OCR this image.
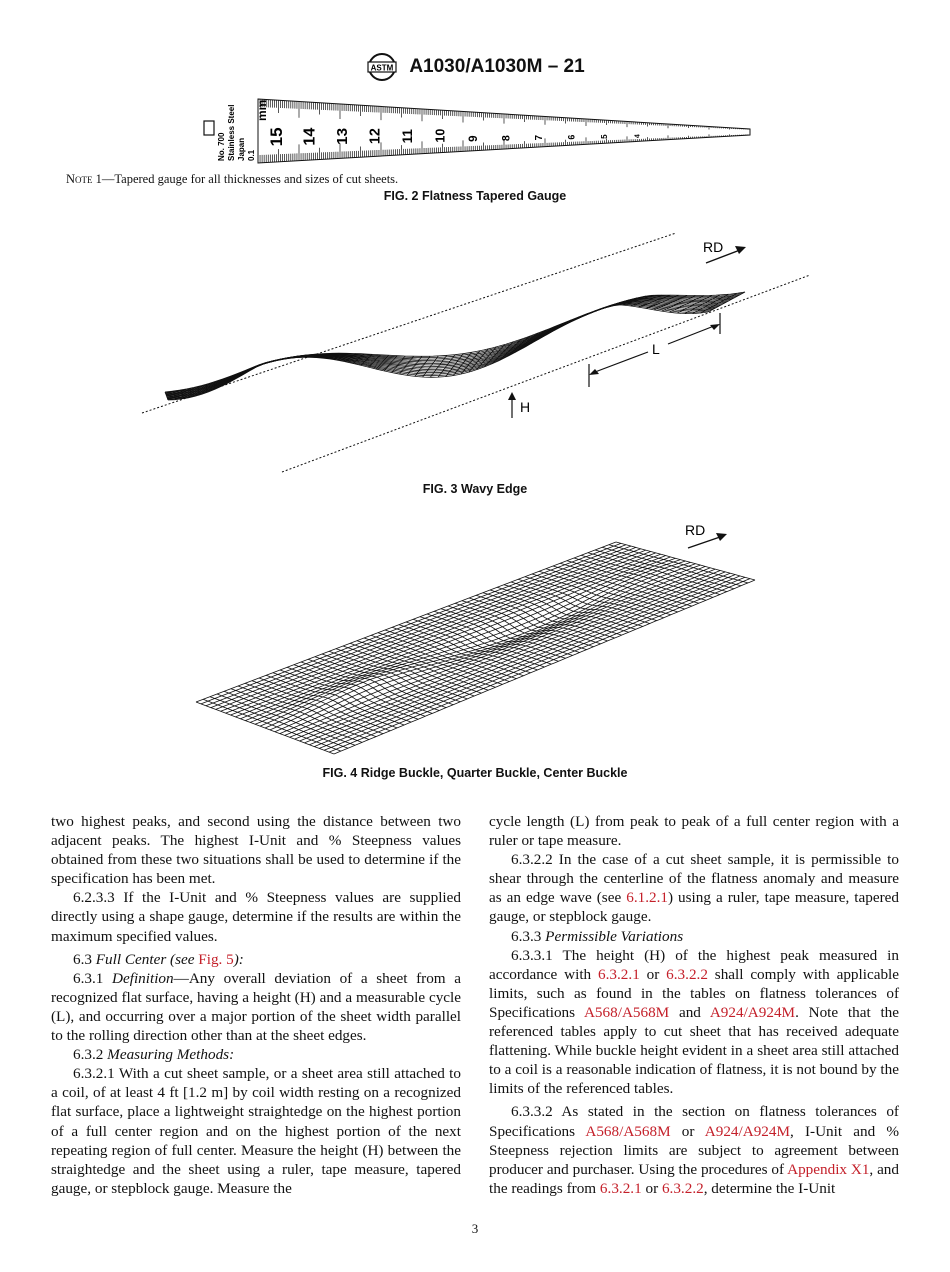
ASTM A1030/A1030M – 21
No. 700 Stainless Steel Japan 0.1
15 14 13 12 11 10 9 8 7 6	5	4
mm
Note 1—Tapered gauge for all thicknesses and sizes of cut sheets.
FIG. 2 Flatness Tapered Gauge
L
H
RD
FIG. 3 Wavy Edge
RD
FIG. 4 Ridge Buckle, Quarter Buckle, Center Buckle

two highest peaks, and second using the distance between two adjacent peaks. The highest I-Unit and % Steepness values obtained from these two situations shall be used to determine if the specification has been met.

6.2.3.3 If the I-Unit and % Steepness values are supplied directly using a shape gauge, determine if the results are within the maximum specified values.

6.3 Full Center (see Fig. 5):

6.3.1 Definition—Any overall deviation of a sheet from a recognized flat surface, having a height (H) and a measurable cycle (L), and occurring over a major portion of the sheet width parallel to the rolling direction other than at the sheet edges.

6.3.2 Measuring Methods:

6.3.2.1 With a cut sheet sample, or a sheet area still attached to a coil, of at least 4 ft [1.2 m] by coil width resting on a recognized flat surface, place a lightweight straightedge on the highest portion of a full center region and on the highest portion of the next repeating region of full center. Measure the height (H) between the straightedge and the sheet using a ruler, tape measure, tapered gauge, or stepblock gauge. Measure the

cycle length (L) from peak to peak of a full center region with a ruler or tape measure.

6.3.2.2 In the case of a cut sheet sample, it is permissible to shear through the centerline of the flatness anomaly and measure as an edge wave (see 6.1.2.1) using a ruler, tape measure, tapered gauge, or stepblock gauge.

6.3.3 Permissible Variations

6.3.3.1 The height (H) of the highest peak measured in accordance with 6.3.2.1 or 6.3.2.2 shall comply with applicable limits, such as found in the tables on flatness tolerances of Specifications A568/A568M and A924/A924M. Note that the referenced tables apply to cut sheet that has received adequate flattening. While buckle height evident in a sheet area still attached to a coil is a reasonable indication of flatness, it is not bound by the limits of the referenced tables.

6.3.3.2 As stated in the section on flatness tolerances of Specifications A568/A568M or A924/A924M, I-Unit and % Steepness rejection limits are subject to agreement between producer and purchaser. Using the procedures of Appendix X1, and the readings from 6.3.2.1 or 6.3.2.2, determine the I-Unit

3
